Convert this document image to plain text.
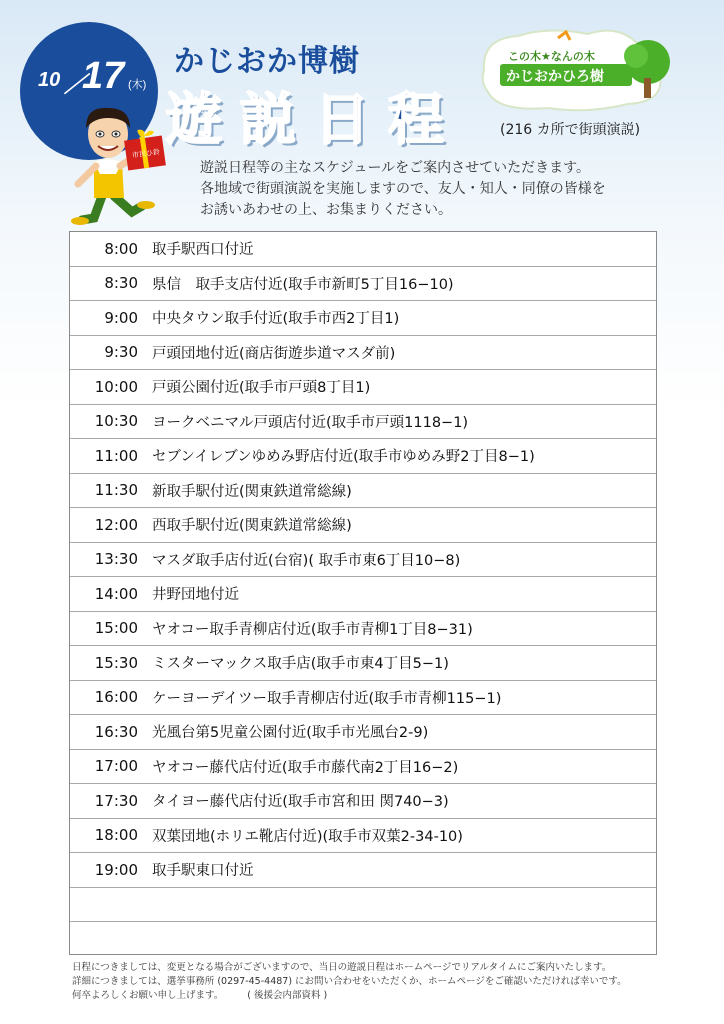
10 ／
17 (木)
市民ひ鈴
かじおか博樹
遊説日程	(216 カ所で街頭演説)
この木★なんの木
かじおかひろ樹
遊説日程等の主なスケジュールをご案内させていただきます。
各地域で街頭演説を実施しますので、友人・知人・同僚の皆様を
お誘いあわせの上、お集まりください。
8:00 取手駅西口付近
8:30 県信　取手支店付近(取手市新町5丁目16−10)
9:00 中央タウン取手付近(取手市西2丁目1)
9:30 戸頭団地付近(商店街遊歩道マスダ前)
10:00 戸頭公園付近(取手市戸頭8丁目1)
10:30 ヨークベニマル戸頭店付近(取手市戸頭1118−1)
11:00 セブンイレブンゆめみ野店付近(取手市ゆめみ野2丁目8−1)
11:30 新取手駅付近(関東鉄道常総線)
12:00 西取手駅付近(関東鉄道常総線)
13:30 マスダ取手店付近(台宿)( 取手市東6丁目10−8)
14:00 井野団地付近
15:00 ヤオコー取手青柳店付近(取手市青柳1丁目8−31)
15:30 ミスターマックス取手店(取手市東4丁目5−1)
16:00 ケーヨーデイツー取手青柳店付近(取手市青柳115−1)
16:30 光風台第5児童公園付近(取手市光風台2-9)
17:00 ヤオコー藤代店付近(取手市藤代南2丁目16−2)
17:30 タイヨー藤代店付近(取手市宮和田 関740−3)
18:00 双葉団地(ホリエ靴店付近)(取手市双葉2-34-10)
19:00 取手駅東口付近
日程につきましては、変更となる場合がございますので、当日の遊説日程はホームページでリアルタイムにご案内いたします。
詳細につきましては、選挙事務所 (0297-45-4487) にお問い合わせをいただくか、ホームページをご確認いただければ幸いです。
何卒よろしくお願い申し上げます。	( 後援会内部資料 )
